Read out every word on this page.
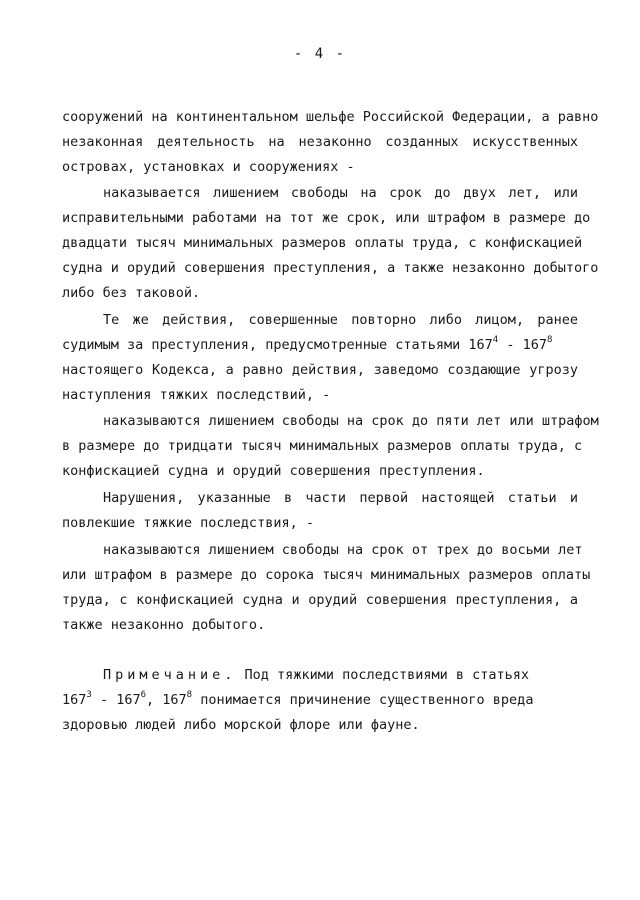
- 4 -
сооружений на континентальном шельфе Российской Федерации, а равно
незаконная деятельность на незаконно созданных искусственных
островах, установках и сооружениях -
наказывается лишением свободы на срок до двух лет, или
исправительными работами на тот же срок, или штрафом в размере до
двадцати тысяч минимальных размеров оплаты труда, с конфискацией
судна и орудий совершения преступления, а также незаконно добытого
либо без таковой.
Те же действия, совершенные повторно либо лицом, ранее
судимым за преступления, предусмотренные статьями $167^4 - 167^8$
настоящего Кодекса, а равно действия, заведомо создающие угрозу
наступления тяжких последствий, -
наказываются лишением свободы на срок до пяти лет или штрафом
в размере до тридцати тысяч минимальных размеров оплаты труда, с
конфискацией судна и орудий совершения преступления.
Нарушения, указанные в части первой настоящей статьи и
повлекшие тяжкие последствия, -
наказываются лишением свободы на срок от трех до восьми лет
или штрафом в размере до сорока тысяч минимальных размеров оплаты
труда, с конфискацией судна и орудий совершения преступления, а
также незаконно добытого.
Примечание. Под тяжкими последствиями в статьях
$167^3 - 167^6$, $167^8$ понимается причинение существенного вреда
здоровью людей либо морской флоре или фауне.
